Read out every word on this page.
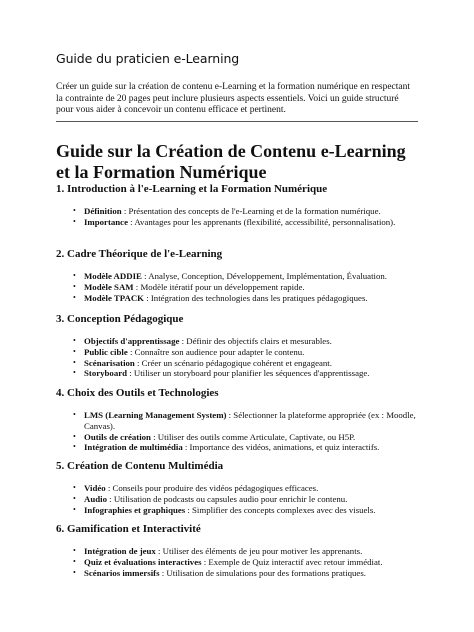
Guide du praticien e-Learning

Créer un guide sur la création de contenu e-Learning et la formation numérique en respectant la contrainte de 20 pages peut inclure plusieurs aspects essentiels. Voici un guide structuré pour vous aider à concevoir un contenu efficace et pertinent.

Guide sur la Création de Contenu e-Learning et la Formation Numérique
1. Introduction à l'e-Learning et la Formation Numérique
• Définition : Présentation des concepts de l'e-Learning et de la formation numérique.
• Importance : Avantages pour les apprenants (flexibilité, accessibilité, personnalisation).
2. Cadre Théorique de l'e-Learning
• Modèle ADDIE : Analyse, Conception, Développement, Implémentation, Évaluation.
• Modèle SAM : Modèle itératif pour un développement rapide.
• Modèle TPACK : Intégration des technologies dans les pratiques pédagogiques.
3. Conception Pédagogique
• Objectifs d'apprentissage : Définir des objectifs clairs et mesurables.
• Public cible : Connaître son audience pour adapter le contenu.
• Scénarisation : Créer un scénario pédagogique cohérent et engageant.
• Storyboard : Utiliser un storyboard pour planifier les séquences d'apprentissage.
4. Choix des Outils et Technologies
• LMS (Learning Management System) : Sélectionner la plateforme appropriée (ex : Moodle, Canvas).
• Outils de création : Utiliser des outils comme Articulate, Captivate, ou H5P.
• Intégration de multimédia : Importance des vidéos, animations, et quiz interactifs.
5. Création de Contenu Multimédia
• Vidéo : Conseils pour produire des vidéos pédagogiques efficaces.
• Audio : Utilisation de podcasts ou capsules audio pour enrichir le contenu.
• Infographies et graphiques : Simplifier des concepts complexes avec des visuels.
6. Gamification et Interactivité
• Intégration de jeux : Utiliser des éléments de jeu pour motiver les apprenants.
• Quiz et évaluations interactives : Exemple de Quiz interactif avec retour immédiat.
• Scénarios immersifs : Utilisation de simulations pour des formations pratiques.
